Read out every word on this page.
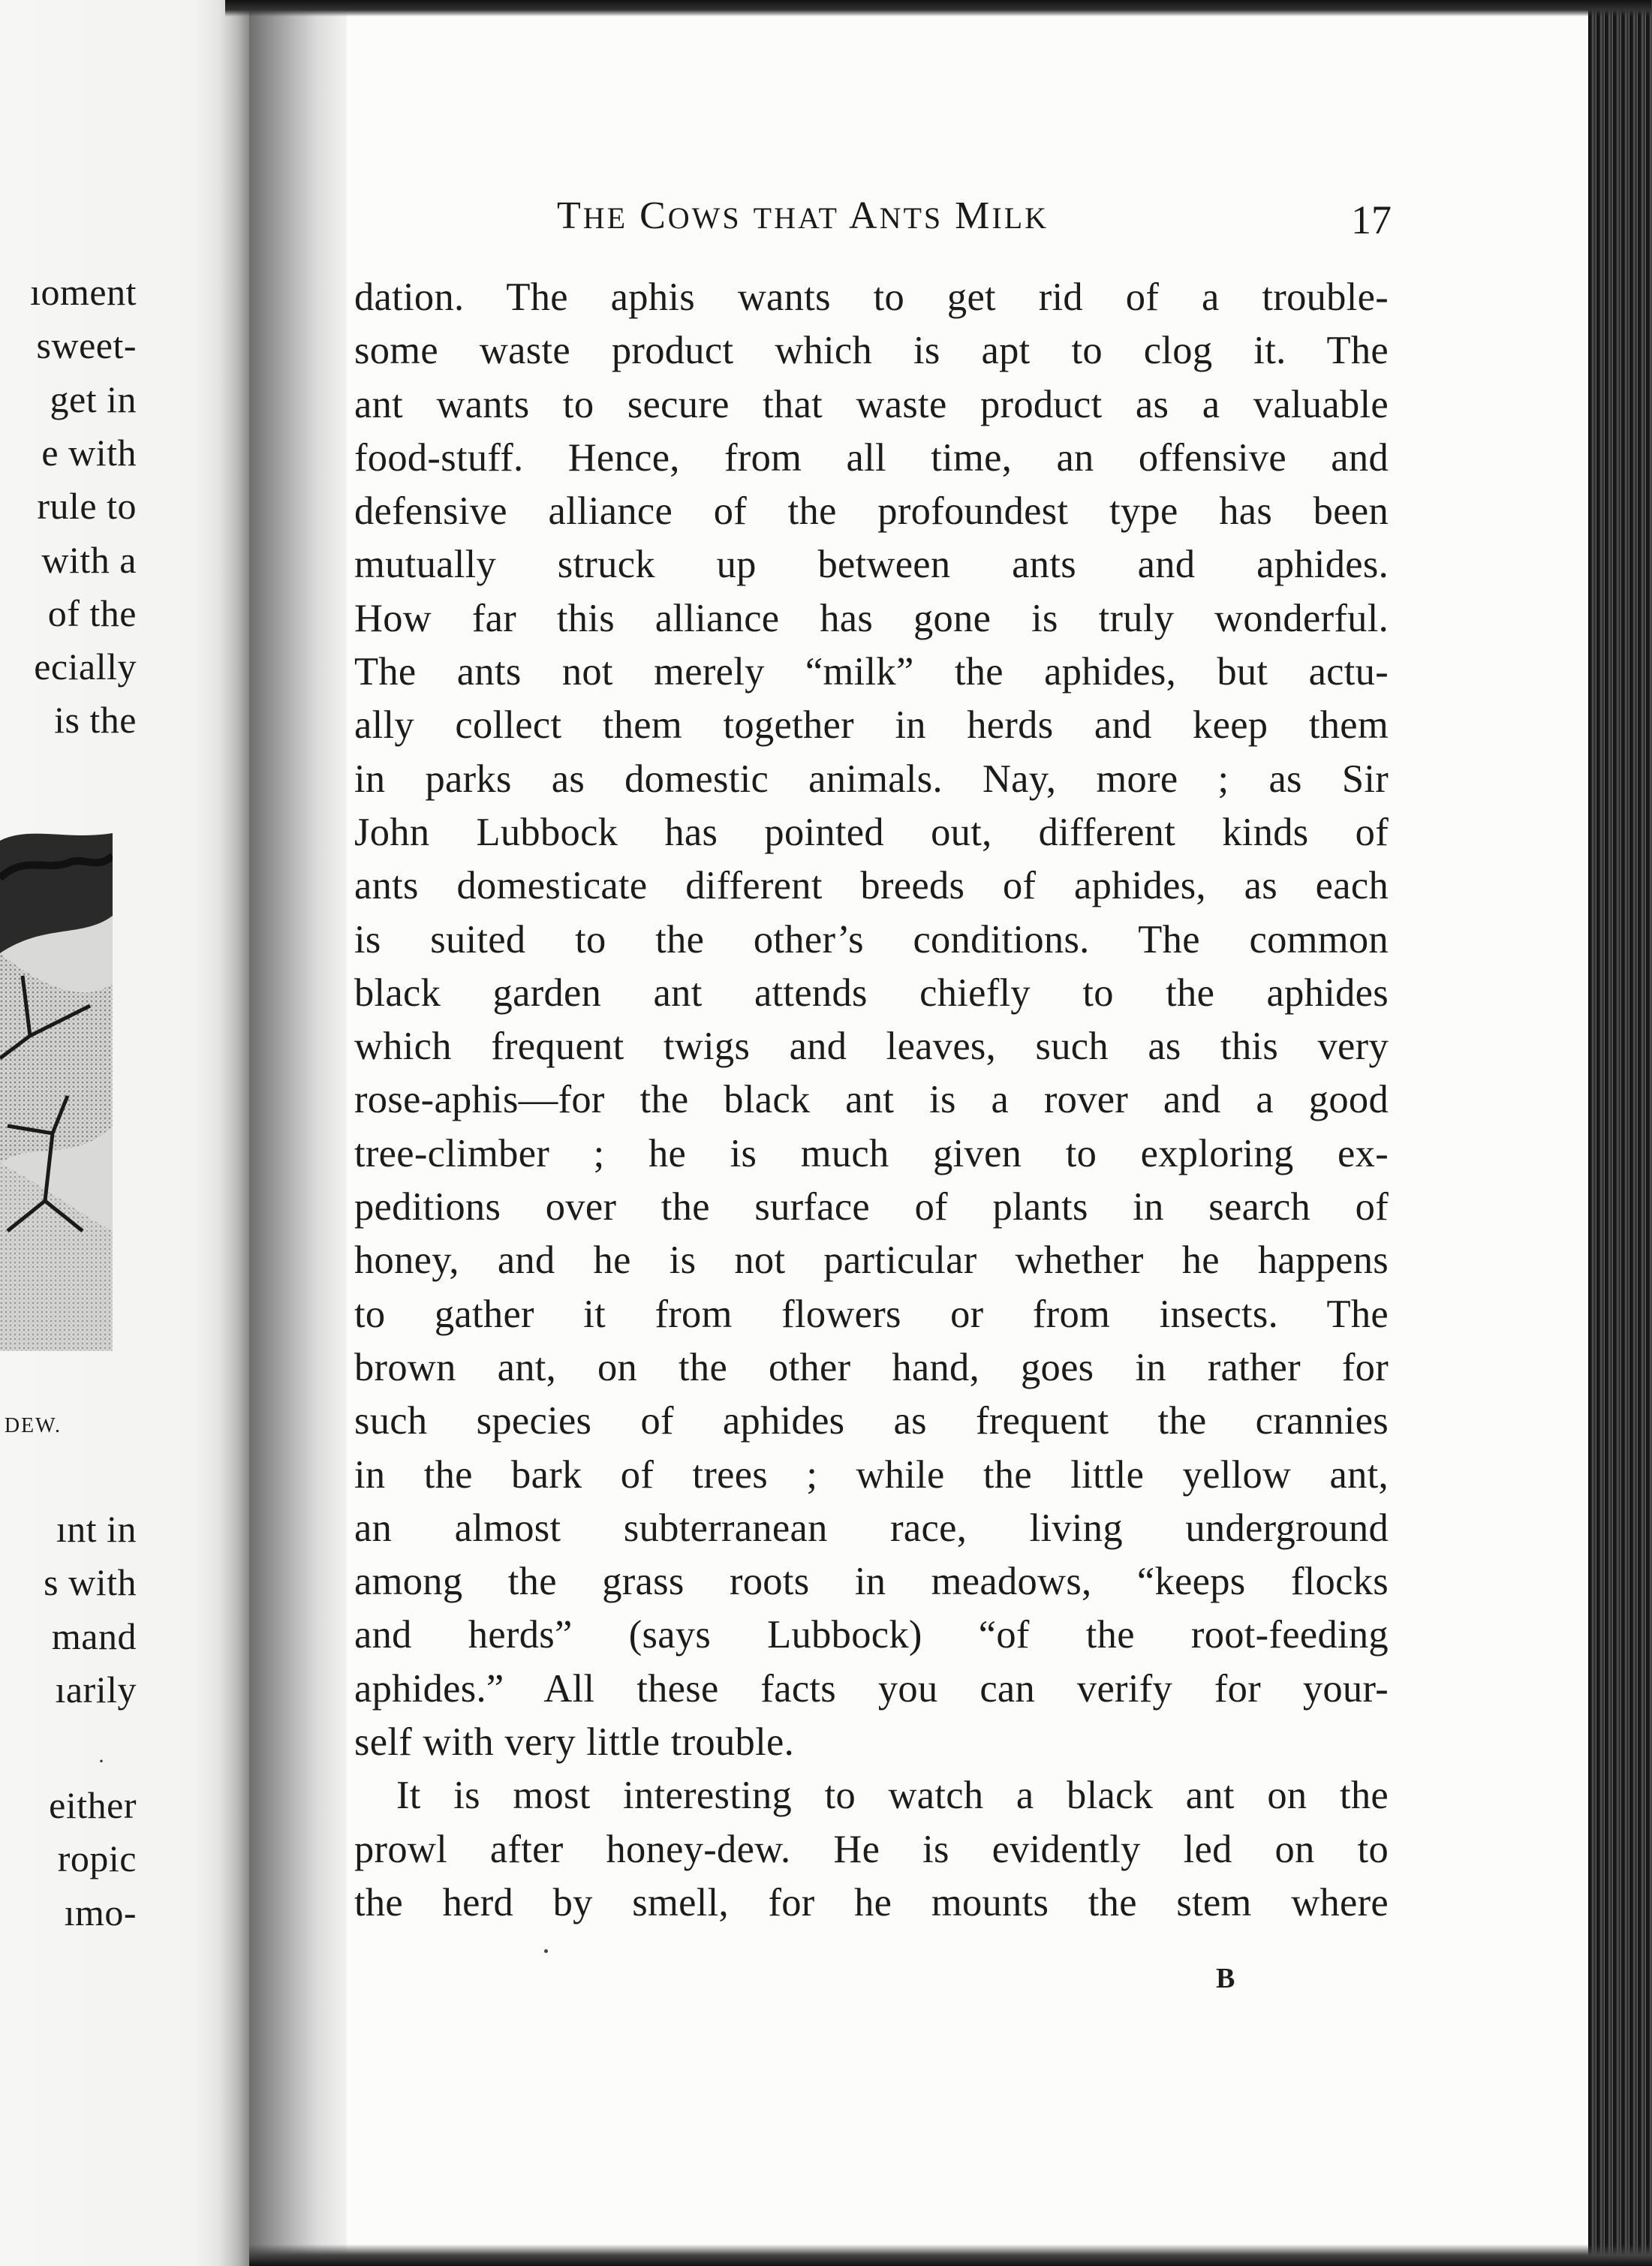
ıoment
sweet-
get in
e with
rule to
with a
of the
ecially
is the
DEW.
ınt in
s with
mand
ıarily
either
ropic
ımo-
·
THE COWS THAT ANTS MILK	17
dation. The aphis wants to get rid of a trouble-
some waste product which is apt to clog it. The
ant wants to secure that waste product as a valuable
food-stuff. Hence, from all time, an offensive and
defensive alliance of the profoundest type has been
mutually struck up between ants and aphides.
How far this alliance has gone is truly wonderful.
The ants not merely “milk” the aphides, but actu-
ally collect them together in herds and keep them
in parks as domestic animals. Nay, more ; as Sir
John Lubbock has pointed out, different kinds of
ants domesticate different breeds of aphides, as each
is suited to the other’s conditions. The common
black garden ant attends chiefly to the aphides
which frequent twigs and leaves, such as this very
rose-aphis—for the black ant is a rover and a good
tree-climber ; he is much given to exploring ex-
peditions over the surface of plants in search of
honey, and he is not particular whether he happens
to gather it from flowers or from insects. The
brown ant, on the other hand, goes in rather for
such species of aphides as frequent the crannies
in the bark of trees ; while the little yellow ant,
an almost subterranean race, living underground
among the grass roots in meadows, “keeps flocks
and herds” (says Lubbock) “of the root-feeding
aphides.” All these facts you can verify for your-
self with very little trouble.
It is most interesting to watch a black ant on the
prowl after honey-dew. He is evidently led on to
the herd by smell, for he mounts the stem where
B
